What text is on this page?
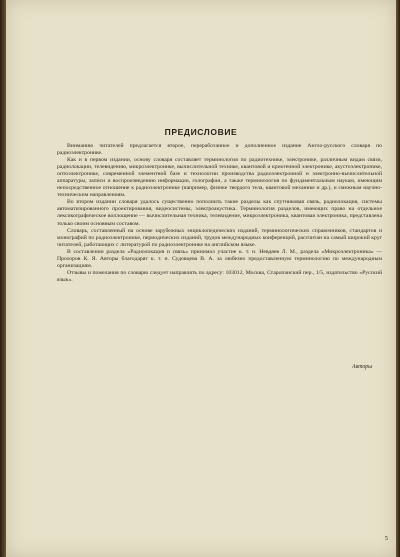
ПРЕДИСЛОВИЕ

Вниманию читателей предлагается второе, переработанное и дополненное издание Англо-русского словаря по радиоэлектронике.

Как и в первом издании, основу словаря составляет терминология по радиотехнике, электронике, различным видам связи, радиолокации, телевидению, микроэлектронике, вычислительной технике, квантовой и криогенной электронике, акустоэлектронике, оптоэлектронике, современной элементной базе и технологии производства радиоэлектронной и электронно-вычислительной аппаратуры, записи и воспроизведению информации, голографии, а также терминология по фундаментальным наукам, имеющим непосредственное отношение к радиоэлектронике (например, физике твердого тела, квантовой механике и др.), и смежным научно-техническим направлениям.

Во втором издании словаря удалось существенно пополнить такие разделы как спутниковая связь, радиолокация, системы автоматизированного проектирования, видеосистемы, электроакустика. Терминология разделов, имеющих право на отдельное лексикографическое воплощение — вычислительная техника, телевидение, микроэлектроника, квантовая электроника, представлена только своим основным составом.

Словарь, составленный на основе зарубежных энциклопедических изданий, терминологических справочников, стандартов и монографий по радиоэлектронике, периодических изданий, трудов международных конференций, рассчитан на самый широкий круг читателей, работающих с литературой по радиоэлектронике на английском языке.

В составлении раздела «Радиолокация и связь» принимал участие к. т. н. Невдяев Л. М., раздела «Микроэлектроника» — Прохоров К. Я. Авторы благодарят к. т. н. Судовцева В. А. за любезно предоставленную терминологию по международным организациям.

Отзывы и пожелания по словарю следует направлять по адресу: 103012, Москва, Старопанский пер., 1/5, издательство «Русский язык».

Авторы
5
